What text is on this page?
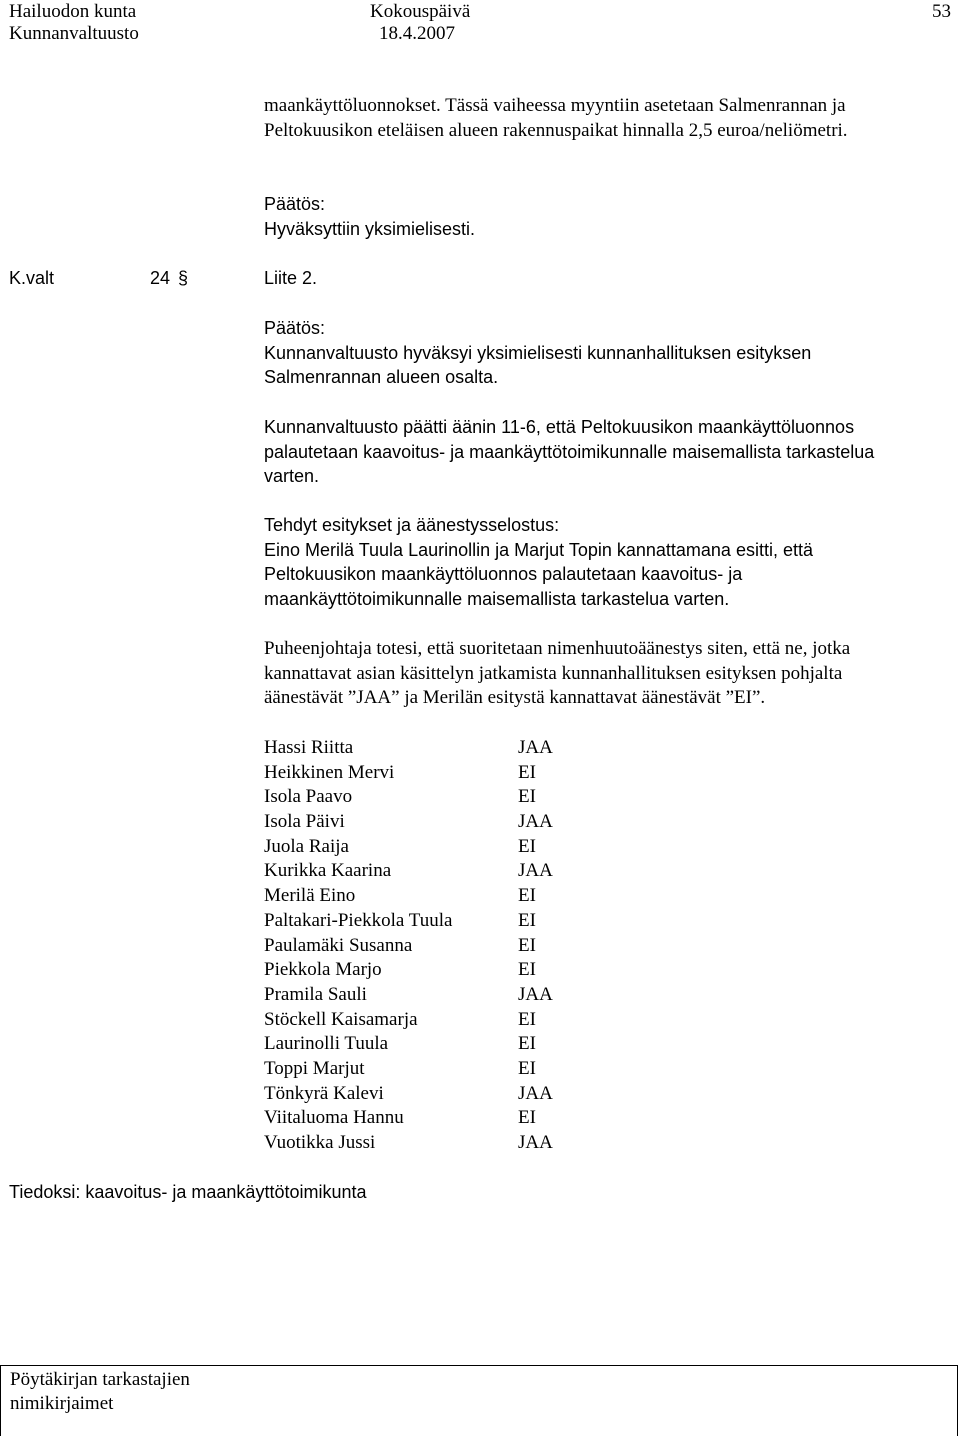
Hailuodon kunta
Kunnanvaltuusto
Kokouspäivä
18.4.2007
53
maankäyttöluonnokset. Tässä vaiheessa myyntiin asetetaan Salmenrannan ja
Peltokuusikon eteläisen alueen rakennuspaikat hinnalla 2,5 euroa/neliömetri.
Päätös:
Hyväksyttiin yksimielisesti.
K.valt	24 §	Liite 2.
Päätös:
Kunnanvaltuusto hyväksyi yksimielisesti kunnanhallituksen esityksen
Salmenrannan alueen osalta.
Kunnanvaltuusto päätti äänin 11-6, että Peltokuusikon maankäyttöluonnos
palautetaan kaavoitus- ja maankäyttötoimikunnalle maisemallista tarkastelua
varten.
Tehdyt esitykset ja äänestysselostus:
Eino Merilä Tuula Laurinollin ja Marjut Topin kannattamana esitti, että
Peltokuusikon maankäyttöluonnos palautetaan kaavoitus- ja
maankäyttötoimikunnalle maisemallista tarkastelua varten.
Puheenjohtaja totesi, että suoritetaan nimenhuutoäänestys siten, että ne, jotka
kannattavat asian käsittelyn jatkamista kunnanhallituksen esityksen pohjalta
äänestävät ”JAA” ja Merilän esitystä kannattavat äänestävät ”EI”.
Hassi Riitta
Heikkinen Mervi
Isola Paavo
Isola Päivi
Juola Raija
Kurikka Kaarina
Merilä Eino
Paltakari-Piekkola Tuula
Paulamäki Susanna
Piekkola Marjo
Pramila Sauli
Stöckell Kaisamarja
Laurinolli Tuula
Toppi Marjut
Tönkyrä Kalevi
Viitaluoma Hannu
Vuotikka Jussi
JAA
EI
EI
JAA
EI
JAA
EI
EI
EI
EI
JAA
EI
EI
EI
JAA
EI
JAA
Tiedoksi: kaavoitus- ja maankäyttötoimikunta
Pöytäkirjan tarkastajien
nimikirjaimet
